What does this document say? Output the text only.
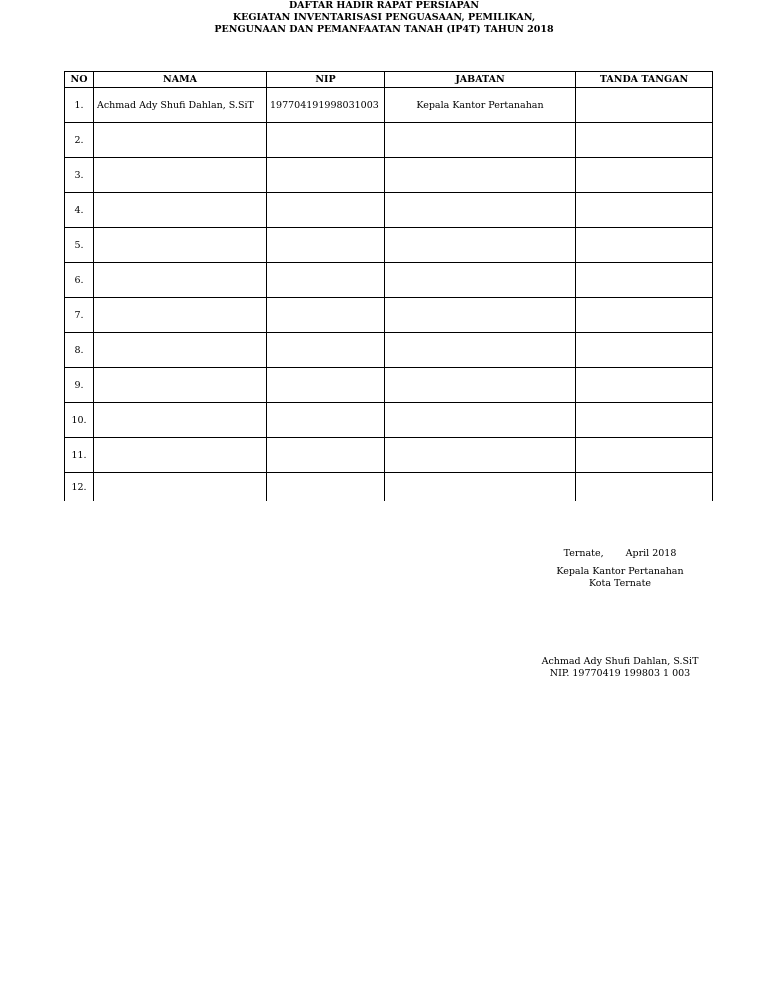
DAFTAR HADIR RAPAT PERSIAPAN
KEGIATAN INVENTARISASI PENGUASAAN, PEMILIKAN,
PENGUNAAN DAN PEMANFAATAN TANAH (IP4T) TAHUN 2018
NO	NAMA	NIP	JABATAN	TANDA TANGAN
1.	Achmad Ady Shufi Dahlan, S.SiT	197704191998031003	Kepala Kantor Pertanahan	
2.				
3.				
4.				
5.				
6.				
7.				
8.				
9.				
10.				
11.				
12.				
Ternate, April 2018
Kepala Kantor Pertanahan
Kota Ternate
Achmad Ady Shufi Dahlan, S.SiT
NIP. 19770419 199803 1 003
